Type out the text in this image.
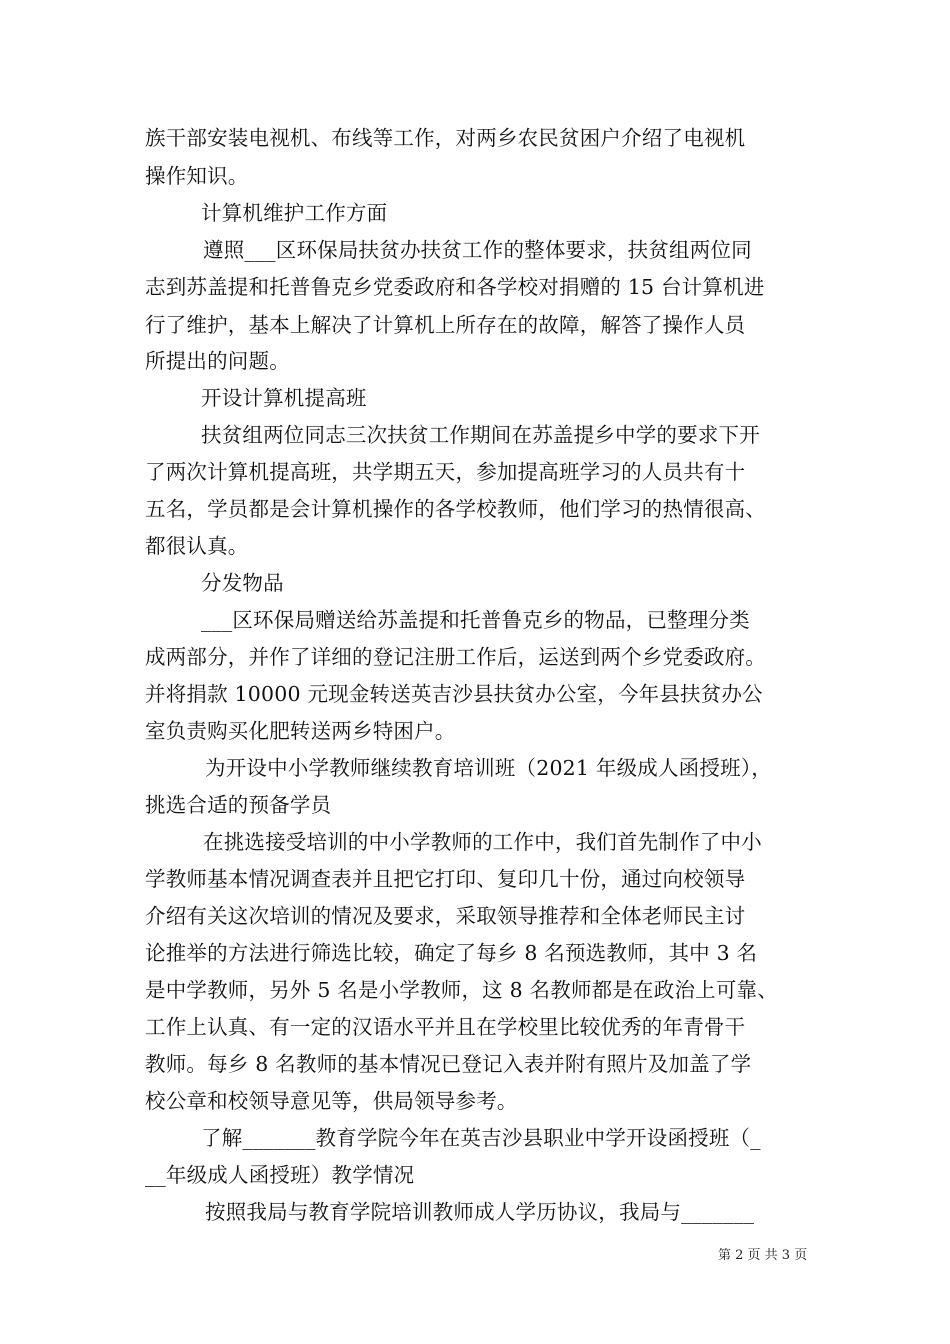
族干部安装电视机、布线等工作，对两乡农民贫困户介绍了电视机
操作知识。
计算机维护工作方面
遵照___区环保局扶贫办扶贫工作的整体要求，扶贫组两位同
志到苏盖提和托普鲁克乡党委政府和各学校对捐赠的 15 台计算机进
行了维护，基本上解决了计算机上所存在的故障，解答了操作人员
所提出的问题。
开设计算机提高班
扶贫组两位同志三次扶贫工作期间在苏盖提乡中学的要求下开
了两次计算机提高班，共学期五天，参加提高班学习的人员共有十
五名，学员都是会计算机操作的各学校教师，他们学习的热情很高、
都很认真。
分发物品
___区环保局赠送给苏盖提和托普鲁克乡的物品，已整理分类
成两部分，并作了详细的登记注册工作后，运送到两个乡党委政府。
并将捐款 10000 元现金转送英吉沙县扶贫办公室，今年县扶贫办公
室负责购买化肥转送两乡特困户。
为开设中小学教师继续教育培训班（2021 年级成人函授班），
挑选合适的预备学员
在挑选接受培训的中小学教师的工作中，我们首先制作了中小
学教师基本情况调查表并且把它打印、复印几十份，通过向校领导
介绍有关这次培训的情况及要求，采取领导推荐和全体老师民主讨
论推举的方法进行筛选比较，确定了每乡 8 名预选教师，其中 3 名
是中学教师，另外 5 名是小学教师，这 8 名教师都是在政治上可靠、
工作上认真、有一定的汉语水平并且在学校里比较优秀的年青骨干
教师。每乡 8 名教师的基本情况已登记入表并附有照片及加盖了学
校公章和校领导意见等，供局领导参考。
了解_______教育学院今年在英吉沙县职业中学开设函授班（_
__年级成人函授班）教学情况
按照我局与教育学院培训教师成人学历协议，我局与_______
第 2 页 共 3 页
